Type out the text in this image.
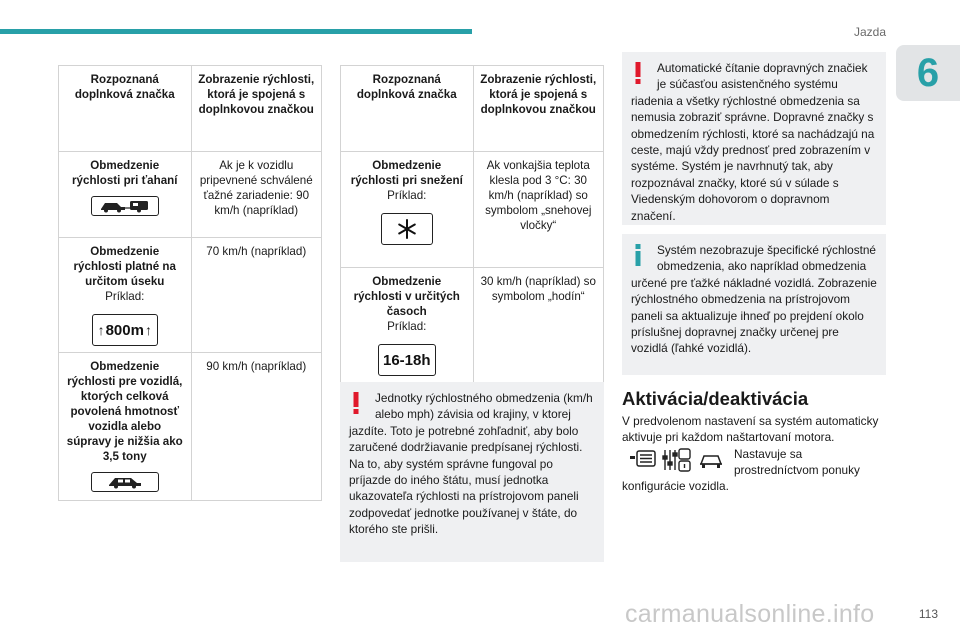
Jazda
6
Rozpoznaná doplnková značka	Zobrazenie rýchlosti, ktorá je spojená s doplnkovou značkou

Obmedzenie rýchlosti pri ťahaní	Ak je k vozidlu pripevnené schválené ťažné zariadenie: 90 km/h (napríklad)

Obmedzenie rýchlosti platné na určitom úseku
Príklad:
↑ 800m ↑	70 km/h (napríklad)

Obmedzenie rýchlosti pre vozidlá, ktorých celková povolená hmotnosť vozidla alebo súpravy je nižšia ako 3,5 tony	90 km/h (napríklad)
Rozpoznaná doplnková značka	Zobrazenie rýchlosti, ktorá je spojená s doplnkovou značkou

Obmedzenie rýchlosti pri snežení
Príklad:	Ak vonkajšia teplota klesla pod 3 °C: 30 km/h (napríklad) so symbolom „snehovej vločky“

Obmedzenie rýchlosti v určitých časoch
Príklad:
16-18h	30 km/h (napríklad) so symbolom „hodín“

Jednotky rýchlostného obmedzenia (km/h alebo mph) závisia od krajiny, v ktorej jazdíte. Toto je potrebné zohľadniť, aby bolo zaručené dodržiavanie predpísanej rýchlosti. Na to, aby systém správne fungoval po príjazde do iného štátu, musí jednotka ukazovateľa rýchlosti na prístrojovom paneli zodpovedať jednotke používanej v štáte, do ktorého ste prišli.

Automatické čítanie dopravných značiek je súčasťou asistenčného systému riadenia a všetky rýchlostné obmedzenia sa nemusia zobraziť správne. Dopravné značky s obmedzením rýchlosti, ktoré sa nachádzajú na ceste, majú vždy prednosť pred zobrazením v systéme. Systém je navrhnutý tak, aby rozpoznával značky, ktoré sú v súlade s Viedenským dohovorom o dopravnom značení.

Systém nezobrazuje špecifické rýchlostné obmedzenia, ako napríklad obmedzenia určené pre ťažké nákladné vozidlá. Zobrazenie rýchlostného obmedzenia na prístrojovom paneli sa aktualizuje ihneď po prejdení okolo príslušnej dopravnej značky určenej pre vozidlá (ľahké vozidlá).

Aktivácia/deaktivácia
V predvolenom nastavení sa systém automaticky aktivuje pri každom naštartovaní motora.
Nastavuje sa prostredníctvom ponuky
konfigurácie vozidla.
carmanualsonline.info	113
